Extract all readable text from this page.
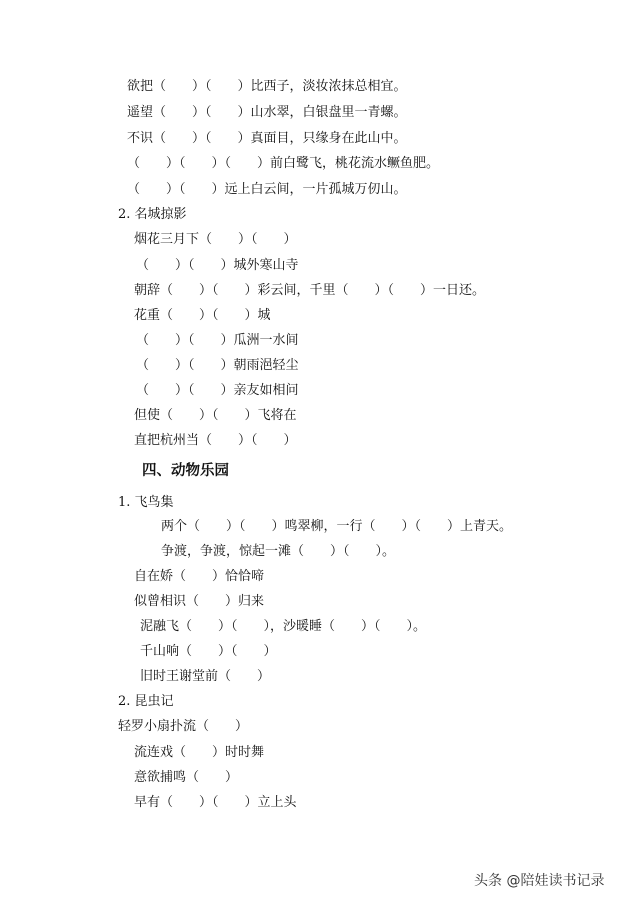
欲把（　　）（　　）比西子，淡妆浓抹总相宜。
遥望（　　）（　　）山水翠，白银盘里一青螺。
不识（　　）（　　）真面目，只缘身在此山中。
（　　）（　　）（　　）前白鹭飞，桃花流水鳜鱼肥。
（　　）（　　）远上白云间，一片孤城万仞山。
2. 名城掠影
烟花三月下（　　）（　　）
（　　）（　　）城外寒山寺
朝辞（　　）（　　）彩云间，千里（　　）（　　）一日还。
花重（　　）（　　）城
（　　）（　　）瓜洲一水间
（　　）（　　）朝雨浥轻尘
（　　）（　　）亲友如相问
但使（　　）（　　）飞将在
直把杭州当（　　）（　　）
四、动物乐园
1. 飞鸟集
两个（　　）（　　）鸣翠柳，一行（　　）（　　）上青天。
争渡，争渡，惊起一滩（　　）（　　）。
自在娇（　　）恰恰啼
似曾相识（　　）归来
泥融飞（　　）（　　），沙暖睡（　　）（　　）。
千山响（　　）（　　）
旧时王谢堂前（　　）
2. 昆虫记
轻罗小扇扑流（　　）
流连戏（　　）时时舞
意欲捕鸣（　　）
早有（　　）（　　）立上头
头条 @陪娃读书记录
